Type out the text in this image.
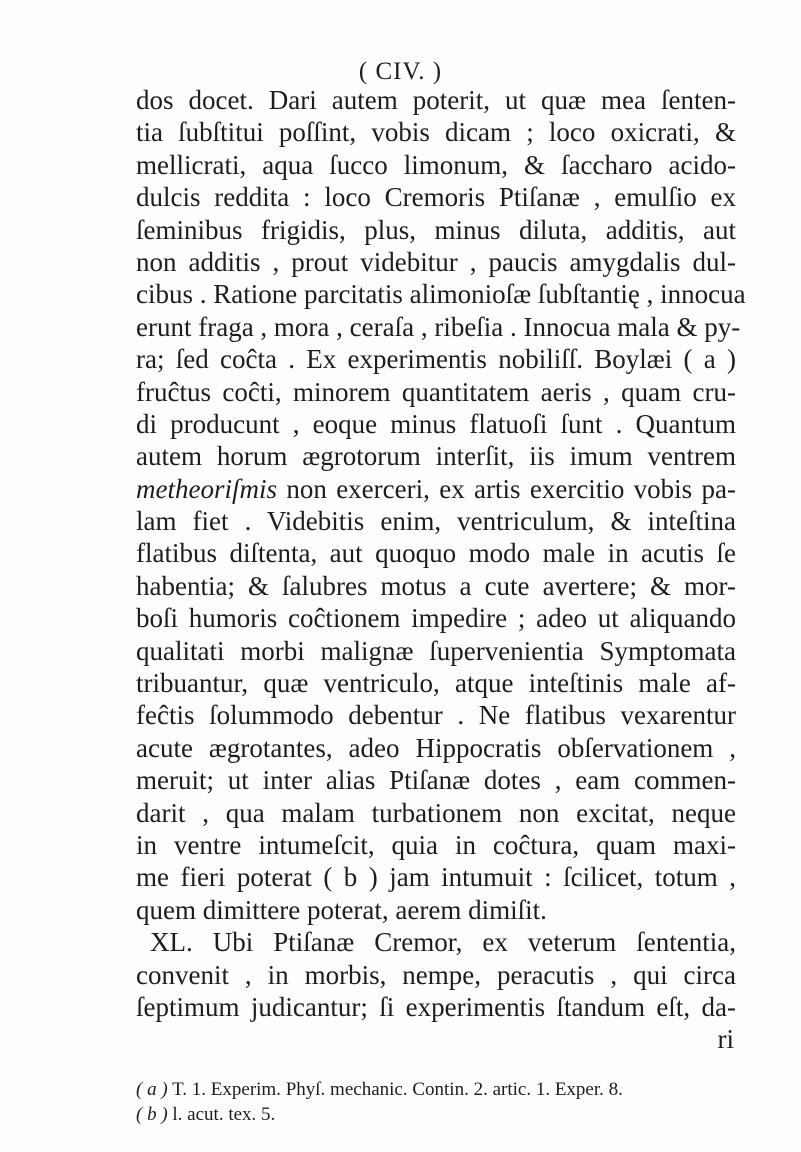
( CIV. )
dos docet. Dari autem poterit, ut quæ mea ſenten-
tia ſubſtitui poſſint, vobis dicam ; loco oxicrati, &
mellicrati, aqua ſucco limonum, & ſaccharo acido-
dulcis reddita : loco Cremoris Ptiſanæ , emulſio ex
ſeminibus frigidis, plus, minus diluta, additis, aut
non additis , prout videbitur , paucis amygdalis dul-
cibus . Ratione parcitatis alimonioſæ ſubſtantię , innocua
erunt fraga , mora , ceraſa , ribeſia . Innocua mala & py-
ra; ſed coĉta . Ex experimentis nobiliſſ. Boylæi ( a )
fruĉtus coĉti, minorem quantitatem aeris , quam cru-
di producunt , eoque minus flatuoſi ſunt . Quantum
autem horum ægrotorum interſit, iis imum ventrem
metheoriſmis non exerceri, ex artis exercitio vobis pa-
lam fiet . Videbitis enim, ventriculum, & inteſtina
flatibus diſtenta, aut quoquo modo male in acutis ſe
habentia; & ſalubres motus a cute avertere; & mor-
boſi humoris coĉtionem impedire ; adeo ut aliquando
qualitati morbi malignæ ſupervenientia Symptomata
tribuantur, quæ ventriculo, atque inteſtinis male af-
feĉtis ſolummodo debentur . Ne flatibus vexarentur
acute ægrotantes, adeo Hippocratis obſervationem ,
meruit; ut inter alias Ptiſanæ dotes , eam commen-
darit , qua malam turbationem non excitat, neque
in ventre intumeſcit, quia in coĉtura, quam maxi-
me fieri poterat ( b ) jam intumuit : ſcilicet, totum ,
quem dimittere poterat, aerem dimiſit.
XL. Ubi Ptiſanæ Cremor, ex veterum ſententia,
convenit , in morbis, nempe, peracutis , qui circa
ſeptimum judicantur; ſi experimentis ſtandum eſt, da-
ri
( a ) T. 1. Experim. Phyſ. mechanic. Contin. 2. artic. 1. Exper. 8.
( b ) l. acut. tex. 5.
